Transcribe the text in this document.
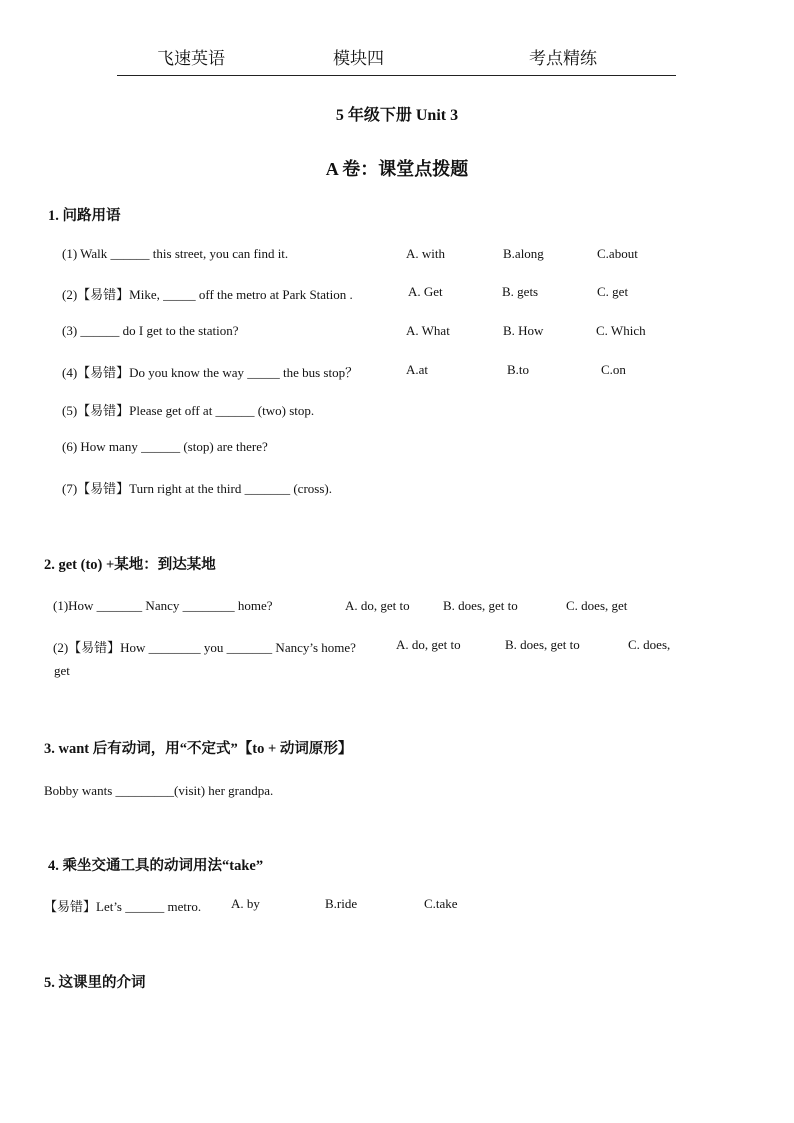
飞速英语	模块四	考点精练
5 年级下册 Unit 3
A 卷：课堂点拨题
1. 问路用语
(1) Walk ______ this street, you can find it.	A. with	B.along	C.about
(2)【易错】Mike, _____ off the metro at Park Station .	A. Get	B. gets	C. get
(3) ______ do I get to the station?	A. What	B. How	C. Which
(4)【易错】Do you know the way _____ the bus stop？	A.at	B.to	C.on
(5)【易错】Please get off at ______ (two) stop.
(6) How many ______ (stop) are there?
(7)【易错】Turn right at the third _______ (cross).
2. get (to) +某地：到达某地
(1)How _______ Nancy ________ home?	A. do, get to	B. does, get to	C. does, get
(2)【易错】How ________ you _______ Nancy’s home?	A. do, get to	B. does, get to	C. does,
get
3. want 后有动词，用“不定式”【to + 动词原形】
Bobby wants _________(visit) her grandpa.
4. 乘坐交通工具的动词用法“take”
【易错】Let’s ______ metro. A. by	B.ride	C.take
5. 这课里的介词
